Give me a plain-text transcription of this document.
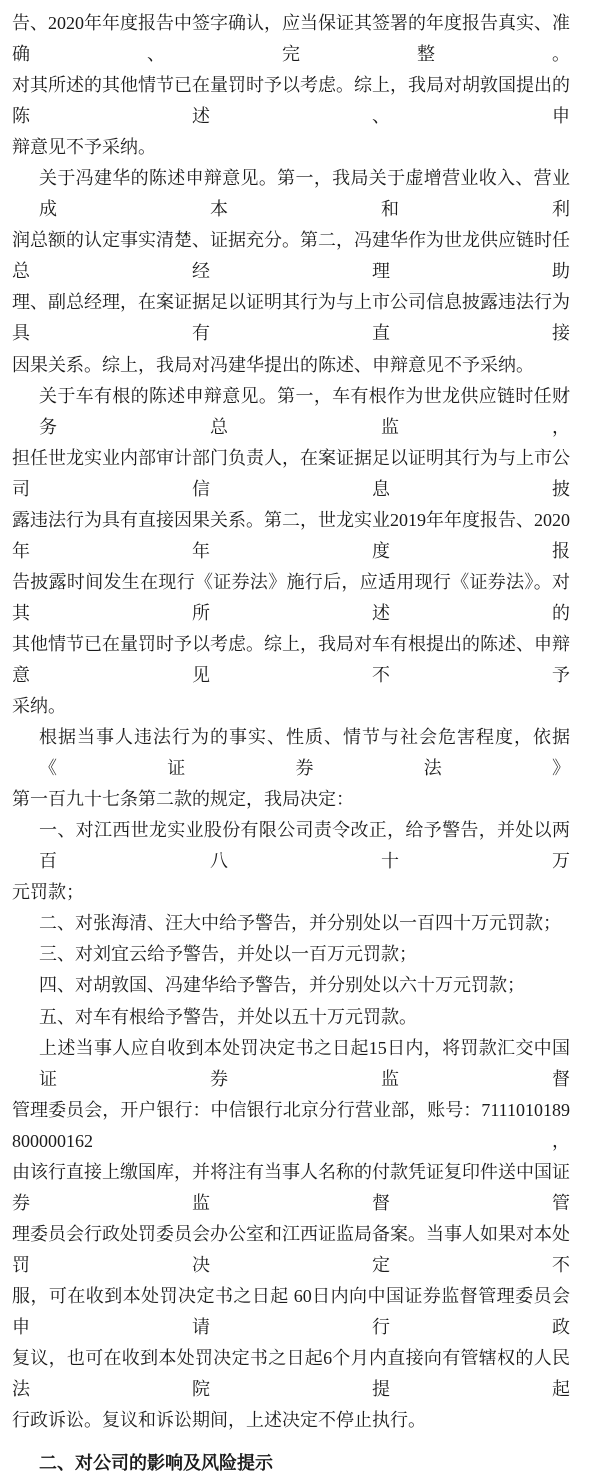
告、2020年年度报告中签字确认，应当保证其签署的年度报告真实、准确、完整。
对其所述的其他情节已在量罚时予以考虑。综上，我局对胡敦国提出的陈述、申
辩意见不予采纳。
关于冯建华的陈述申辩意见。第一，我局关于虚增营业收入、营业成本和利
润总额的认定事实清楚、证据充分。第二，冯建华作为世龙供应链时任总经理助
理、副总经理，在案证据足以证明其行为与上市公司信息披露违法行为具有直接
因果关系。综上，我局对冯建华提出的陈述、申辩意见不予采纳。
关于车有根的陈述申辩意见。第一，车有根作为世龙供应链时任财务总监，
担任世龙实业内部审计部门负责人，在案证据足以证明其行为与上市公司信息披
露违法行为具有直接因果关系。第二，世龙实业2019年年度报告、2020年年度报
告披露时间发生在现行《证券法》施行后，应适用现行《证券法》。对其所述的
其他情节已在量罚时予以考虑。综上，我局对车有根提出的陈述、申辩意见不予
采纳。
根据当事人违法行为的事实、性质、情节与社会危害程度，依据《证券法》
第一百九十七条第二款的规定，我局决定：
一、对江西世龙实业股份有限公司责令改正，给予警告，并处以两百八十万
元罚款；
二、对张海清、汪大中给予警告，并分别处以一百四十万元罚款；
三、对刘宜云给予警告，并处以一百万元罚款；
四、对胡敦国、冯建华给予警告，并分别处以六十万元罚款；
五、对车有根给予警告，并处以五十万元罚款。
上述当事人应自收到本处罚决定书之日起15日内，将罚款汇交中国证券监督
管理委员会，开户银行：中信银行北京分行营业部，账号：7111010189800000162，
由该行直接上缴国库，并将注有当事人名称的付款凭证复印件送中国证券监督管
理委员会行政处罚委员会办公室和江西证监局备案。当事人如果对本处罚决定不
服，可在收到本处罚决定书之日起 60日内向中国证券监督管理委员会申请行政
复议，也可在收到本处罚决定书之日起6个月内直接向有管辖权的人民法院提起
行政诉讼。复议和诉讼期间，上述决定不停止执行。
二、对公司的影响及风险提示
